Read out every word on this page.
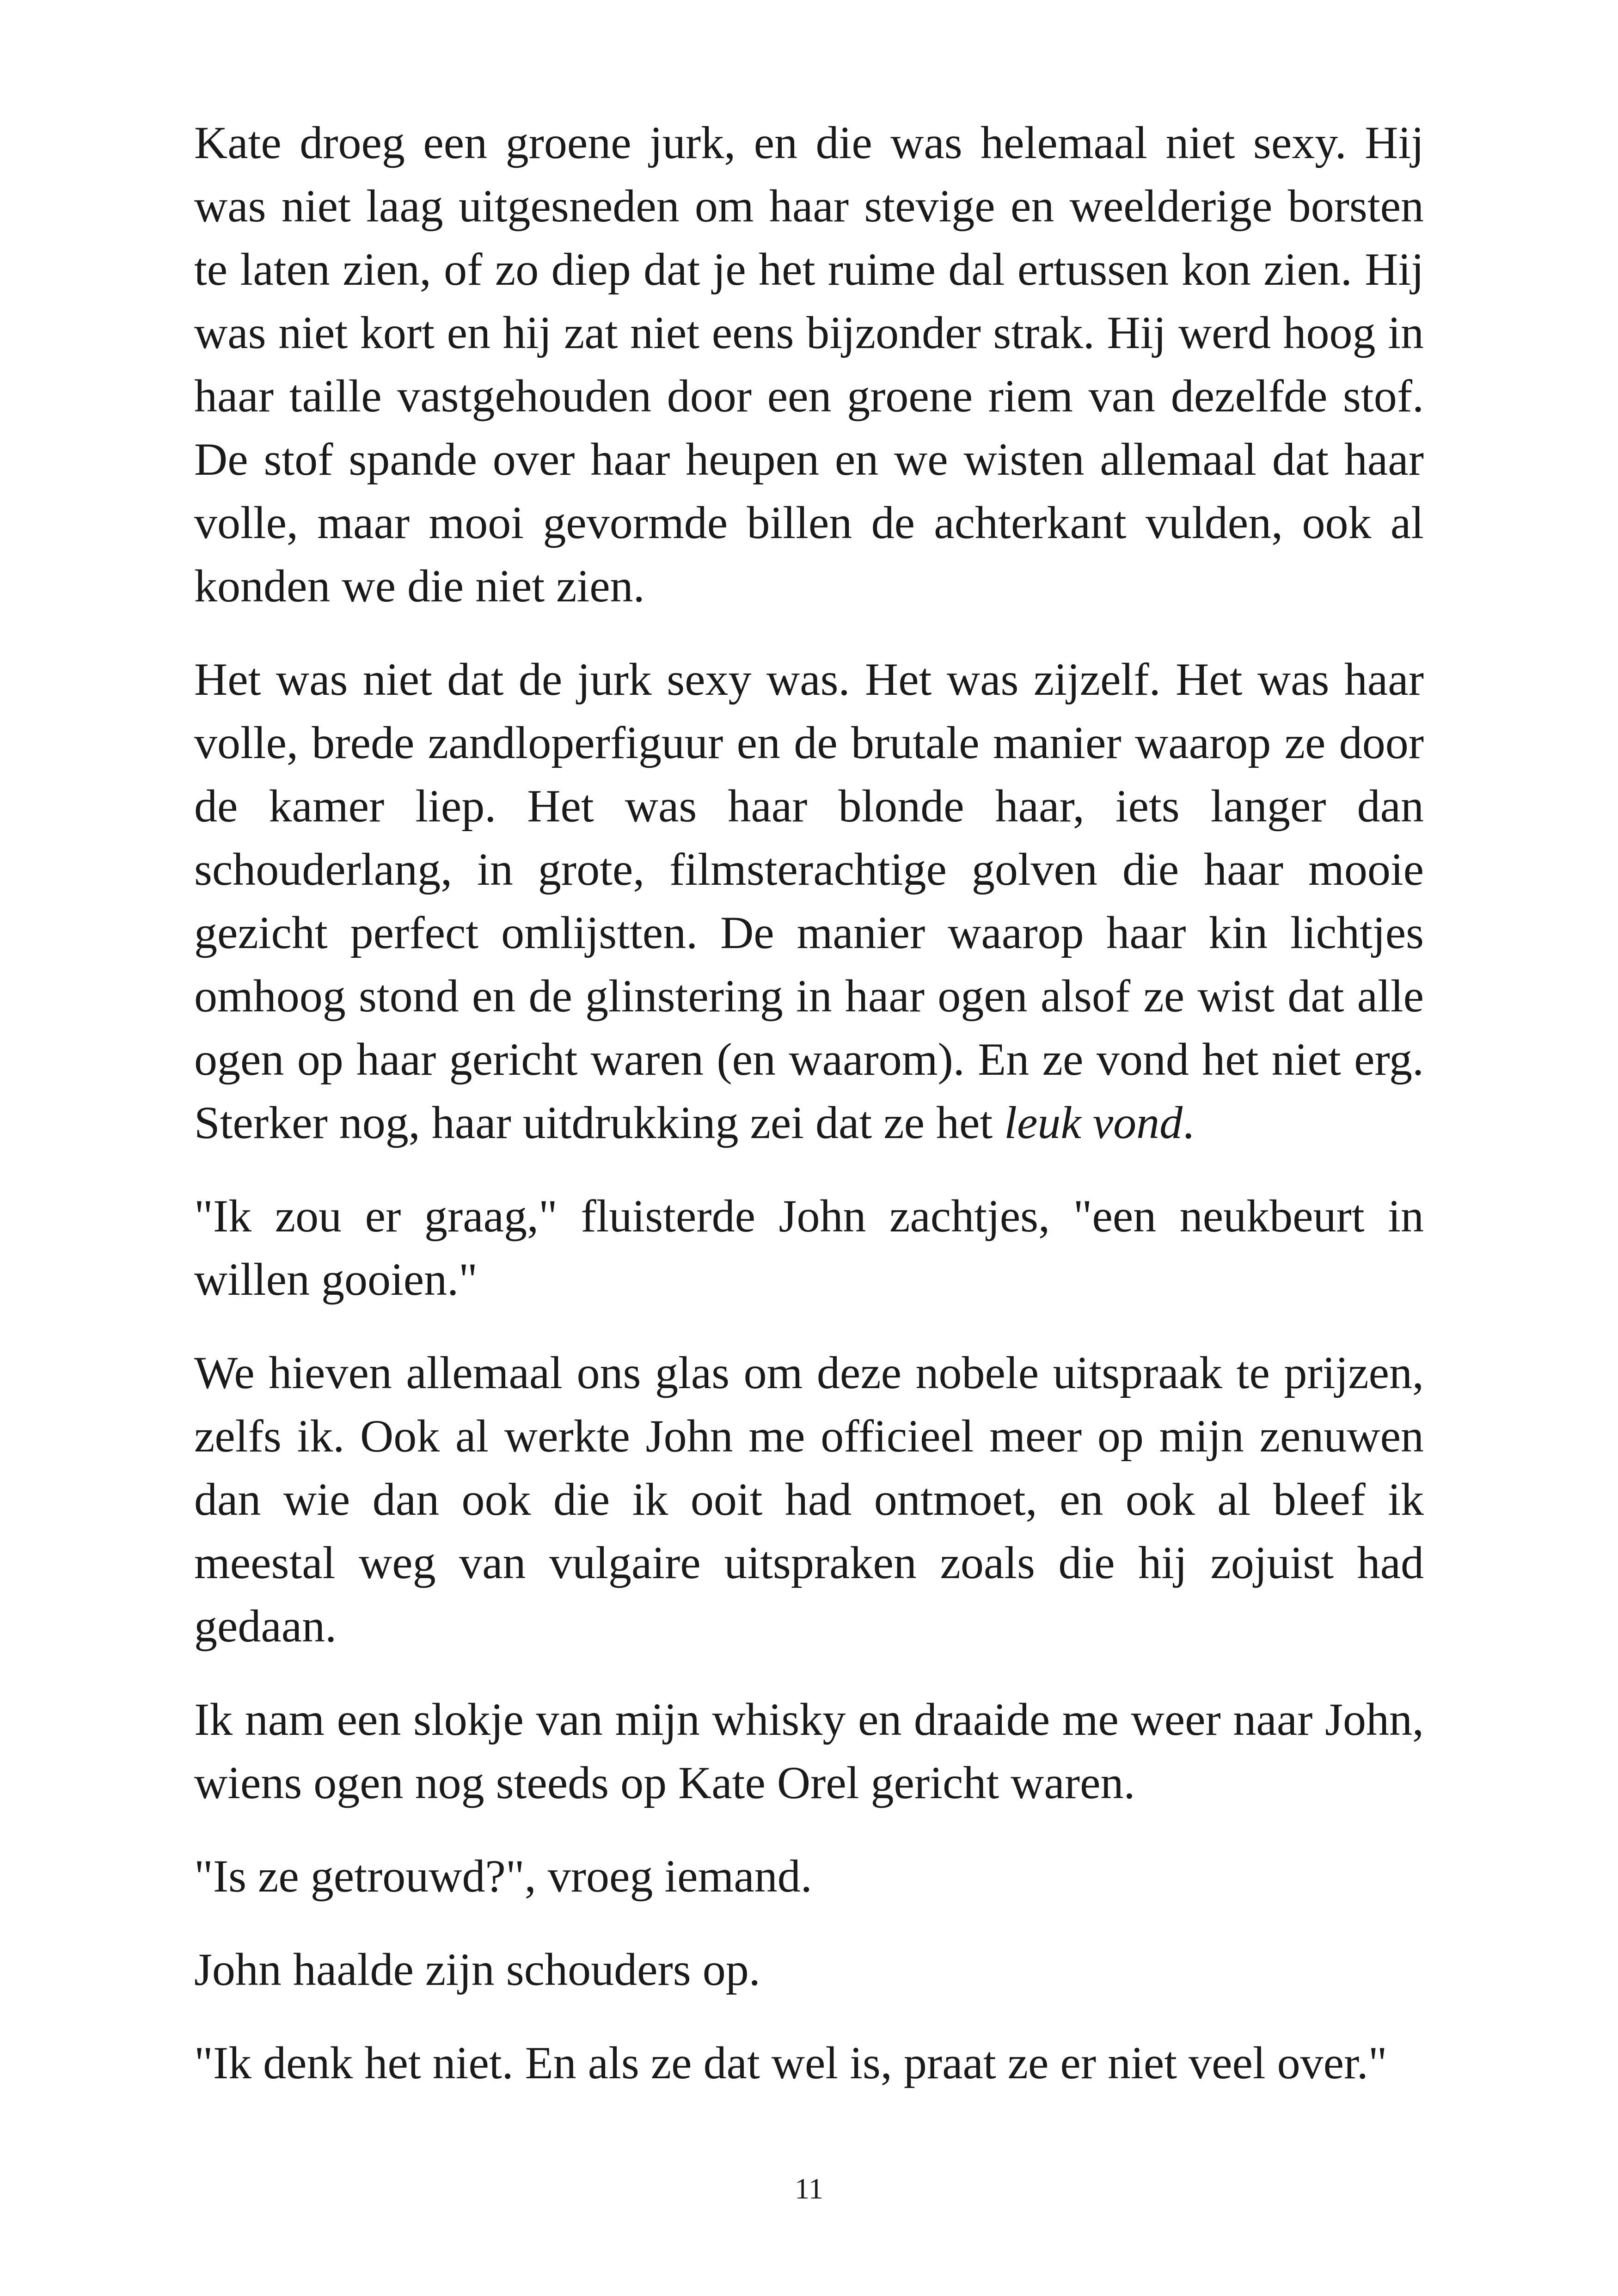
Kate droeg een groene jurk, en die was helemaal niet sexy. Hij was niet laag uitgesneden om haar stevige en weelderige borsten te laten zien, of zo diep dat je het ruime dal ertussen kon zien. Hij was niet kort en hij zat niet eens bijzonder strak. Hij werd hoog in haar taille vastgehouden door een groene riem van dezelfde stof. De stof spande over haar heupen en we wisten allemaal dat haar volle, maar mooi gevormde billen de achterkant vulden, ook al konden we die niet zien.

Het was niet dat de jurk sexy was. Het was zijzelf. Het was haar volle, brede zandloperfiguur en de brutale manier waarop ze door de kamer liep. Het was haar blonde haar, iets langer dan schouderlang, in grote, filmsterachtige golven die haar mooie gezicht perfect omlijstten. De manier waarop haar kin lichtjes omhoog stond en de glinstering in haar ogen alsof ze wist dat alle ogen op haar gericht waren (en waarom). En ze vond het niet erg. Sterker nog, haar uitdrukking zei dat ze het leuk vond.

"Ik zou er graag," fluisterde John zachtjes, "een neukbeurt in willen gooien."

We hieven allemaal ons glas om deze nobele uitspraak te prijzen, zelfs ik. Ook al werkte John me officieel meer op mijn zenuwen dan wie dan ook die ik ooit had ontmoet, en ook al bleef ik meestal weg van vulgaire uitspraken zoals die hij zojuist had gedaan.

Ik nam een slokje van mijn whisky en draaide me weer naar John, wiens ogen nog steeds op Kate Orel gericht waren.

"Is ze getrouwd?", vroeg iemand.

John haalde zijn schouders op.

"Ik denk het niet. En als ze dat wel is, praat ze er niet veel over."

11
